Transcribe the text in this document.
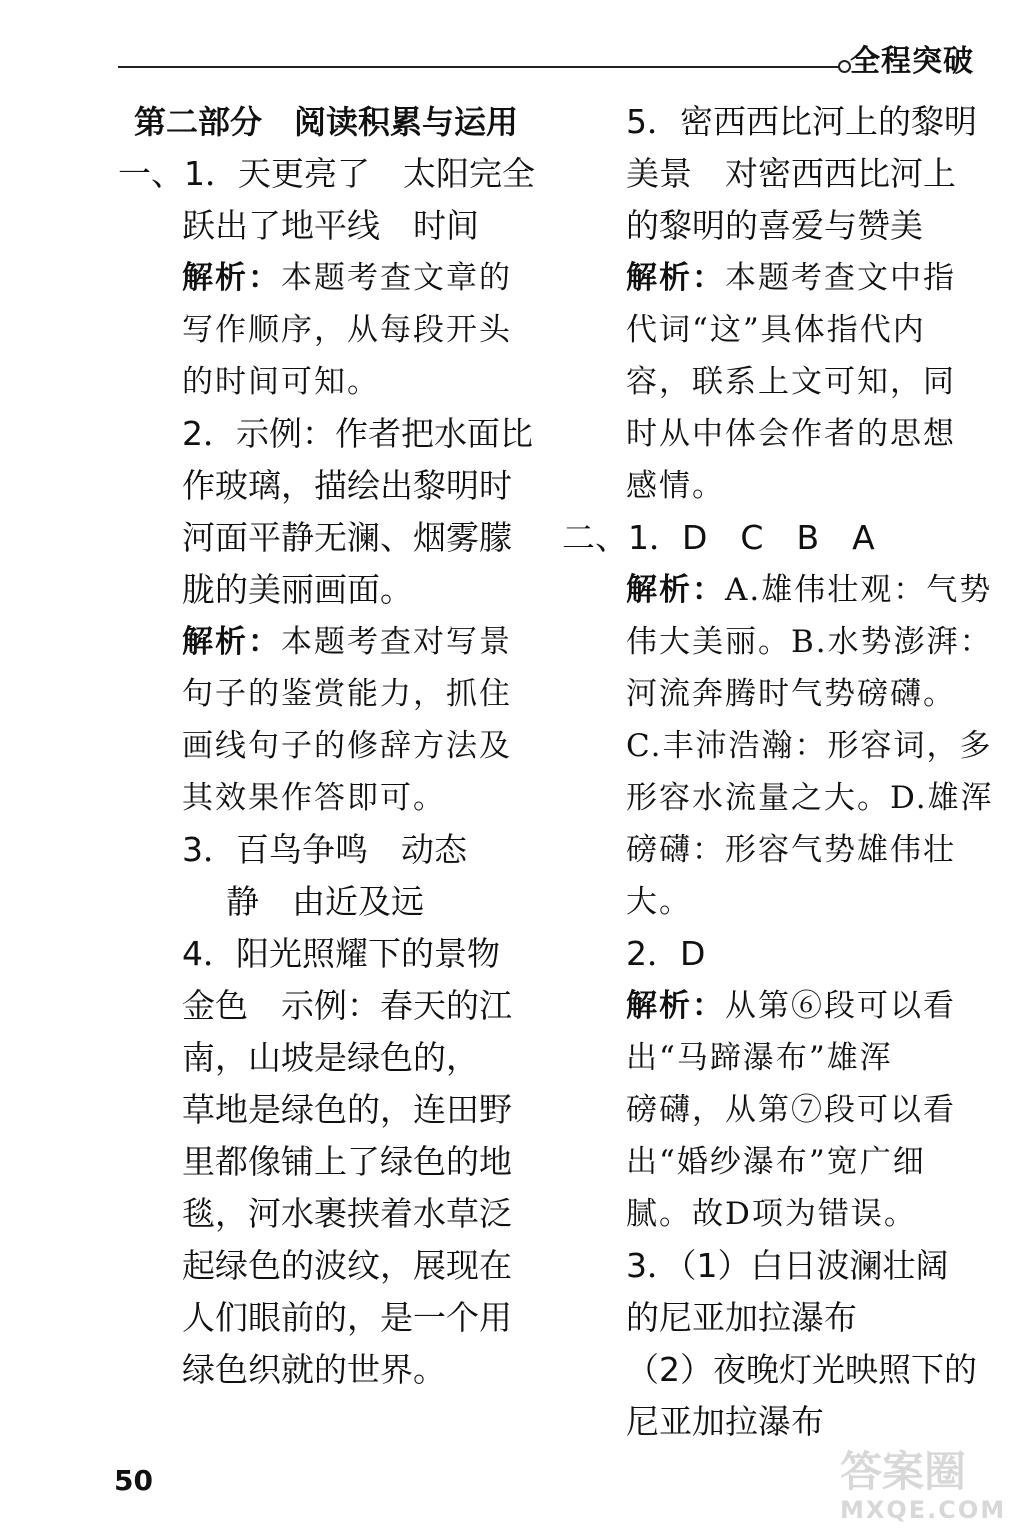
全程突破
第二部分　阅读积累与运用
一、1．天更亮了　太阳完全
跃出了地平线　时间
解析：本题考查文章的
写作顺序，从每段开头
的时间可知。
2．示例：作者把水面比
作玻璃，描绘出黎明时
河面平静无澜、烟雾朦
胧的美丽画面。
解析：本题考查对写景
句子的鉴赏能力，抓住
画线句子的修辞方法及
其效果作答即可。
3．百鸟争鸣　动态
静　由近及远
4．阳光照耀下的景物
金色　示例：春天的江
南，山坡是绿色的，
草地是绿色的，连田野
里都像铺上了绿色的地
毯，河水裹挟着水草泛
起绿色的波纹，展现在
人们眼前的，是一个用
绿色织就的世界。
5．密西西比河上的黎明
美景　对密西西比河上
的黎明的喜爱与赞美
解析：本题考查文中指
代词“这”具体指代内
容，联系上文可知，同
时从中体会作者的思想
感情。
二、1．D　C　B　A
解析：A.雄伟壮观：气势
伟大美丽。B.水势澎湃：
河流奔腾时气势磅礴。
C.丰沛浩瀚：形容词，多
形容水流量之大。D.雄浑
磅礴：形容气势雄伟壮
大。
2．D
解析：从第⑥段可以看
出“马蹄瀑布”雄浑
磅礴，从第⑦段可以看
出“婚纱瀑布”宽广细
腻。故D项为错误。
3．（1）白日波澜壮阔
的尼亚加拉瀑布
（2）夜晚灯光映照下的
尼亚加拉瀑布
50	答案圈
MXQE.COM
